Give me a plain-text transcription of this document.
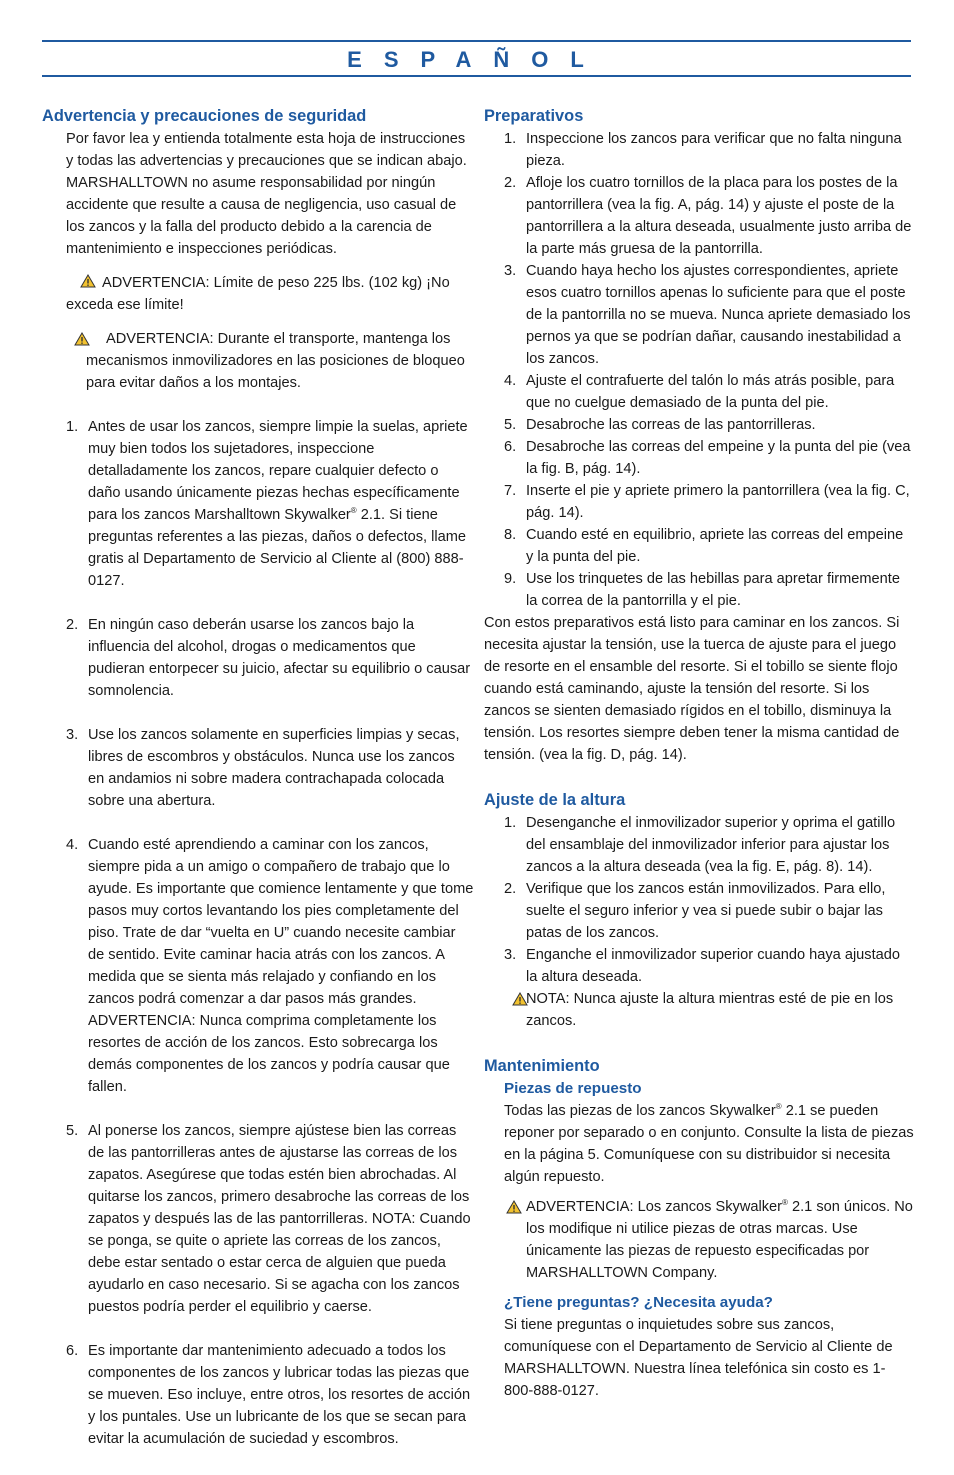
ESPAÑOL
Advertencia y precauciones de seguridad

Por favor lea y entienda totalmente esta hoja de instrucciones y todas las advertencias y precauciones que se indican abajo. MARSHALLTOWN no asume responsabilidad por ningún accidente que resulte a causa de negligencia, uso casual de los zancos y la falla del producto debido a la carencia de mantenimiento e inspecciones periódicas.

ADVERTENCIA: Límite de peso 225 lbs. (102 kg) ¡No exceda ese límite!

ADVERTENCIA: Durante el transporte, mantenga los mecanismos inmovilizadores en las posiciones de bloqueo para evitar daños a los montajes.
1. Antes de usar los zancos, siempre limpie la suelas, apriete muy bien todos los sujetadores, inspeccione detalladamente los zancos, repare cualquier defecto o daño usando únicamente piezas hechas específicamente para los zancos Marshalltown Skywalker® 2.1. Si tiene preguntas referentes a las piezas, daños o defectos, llame gratis al Departamento de Servicio al Cliente al (800) 888-0127.
2. En ningún caso deberán usarse los zancos bajo la influencia del alcohol, drogas o medicamentos que pudieran entorpecer su juicio, afectar su equilibrio o causar somnolencia.
3. Use los zancos solamente en superficies limpias y secas, libres de escombros y obstáculos. Nunca use los zancos en andamios ni sobre madera contrachapada colocada sobre una abertura.
4. Cuando esté aprendiendo a caminar con los zancos, siempre pida a un amigo o compañero de trabajo que lo ayude. Es importante que comience lentamente y que tome pasos muy cortos levantando los pies completamente del piso. Trate de dar “vuelta en U” cuando necesite cambiar de sentido. Evite caminar hacia atrás con los zancos. A medida que se sienta más relajado y confiando en los zancos podrá comenzar a dar pasos más grandes. ADVERTENCIA: Nunca comprima completamente los resortes de acción de los zancos. Esto sobrecarga los demás componentes de los zancos y podría causar que fallen.
5. Al ponerse los zancos, siempre ajústese bien las correas de las pantorrilleras antes de ajustarse las correas de los zapatos. Asegúrese que todas estén bien abrochadas. Al quitarse los zancos, primero desabroche las correas de los zapatos y después las de las pantorrilleras. NOTA: Cuando se ponga, se quite o apriete las correas de los zancos, debe estar sentado o estar cerca de alguien que pueda ayudarlo en caso necesario. Si se agacha con los zancos puestos podría perder el equilibrio y caerse.
6. Es importante dar mantenimiento adecuado a todos los componentes de los zancos y lubricar todas las piezas que se mueven. Eso incluye, entre otros, los resortes de acción y los puntales. Use un lubricante de los que se secan para evitar la acumulación de suciedad y escombros.
Preparativos
1. Inspeccione los zancos para verificar que no falta ninguna pieza.
2. Afloje los cuatro tornillos de la placa para los postes de la pantorrillera (vea la fig. A, pág. 14) y ajuste el poste de la pantorrillera a la altura deseada, usualmente justo arriba de la parte más gruesa de la pantorrilla.
3. Cuando haya hecho los ajustes correspondientes, apriete esos cuatro tornillos apenas lo suficiente para que el poste de la pantorrilla no se mueva. Nunca apriete demasiado los pernos ya que se podrían dañar, causando inestabilidad a los zancos.
4. Ajuste el contrafuerte del talón lo más atrás posible, para que no cuelgue demasiado de la punta del pie.
5. Desabroche las correas de las pantorrilleras.
6. Desabroche las correas del empeine y la punta del pie (vea la fig. B, pág. 14).
7. Inserte el pie y apriete primero la pantorrillera (vea la fig. C, pág. 14).
8. Cuando esté en equilibrio, apriete las correas del empeine y la punta del pie.
9. Use los trinquetes de las hebillas para apretar firmemente la correa de la pantorrilla y el pie.

Con estos preparativos está listo para caminar en los zancos. Si necesita ajustar la tensión, use la tuerca de ajuste para el juego de resorte en el ensamble del resorte. Si el tobillo se siente flojo cuando está caminando, ajuste la tensión del resorte. Si los zancos se sienten demasiado rígidos en el tobillo, disminuya la tensión. Los resortes siempre deben tener la misma cantidad de tensión. (vea la fig. D, pág. 14).

Ajuste de la altura
1. Desenganche el inmovilizador superior y oprima el gatillo del ensamblaje del inmovilizador inferior para ajustar los zancos a la altura deseada (vea la fig. E, pág. 8). 14).
2. Verifique que los zancos están inmovilizados. Para ello, suelte el seguro inferior y vea si puede subir o bajar las patas de los zancos.
3. Enganche el inmovilizador superior cuando haya ajustado la altura deseada.
NOTA: Nunca ajuste la altura mientras esté de pie en los zancos.
Mantenimiento
Piezas de repuesto

Todas las piezas de los zancos Skywalker® 2.1 se pueden reponer por separado o en conjunto. Consulte la lista de piezas en la página 5. Comuníquese con su distribuidor si necesita algún repuesto.

ADVERTENCIA: Los zancos Skywalker® 2.1 son únicos. No los modifique ni utilice piezas de otras marcas. Use únicamente las piezas de repuesto especificadas por MARSHALLTOWN Company.
¿Tiene preguntas? ¿Necesita ayuda?

Si tiene preguntas o inquietudes sobre sus zancos, comuníquese con el Departamento de Servicio al Cliente de MARSHALLTOWN. Nuestra línea telefónica sin costo es 1-800-888-0127.
